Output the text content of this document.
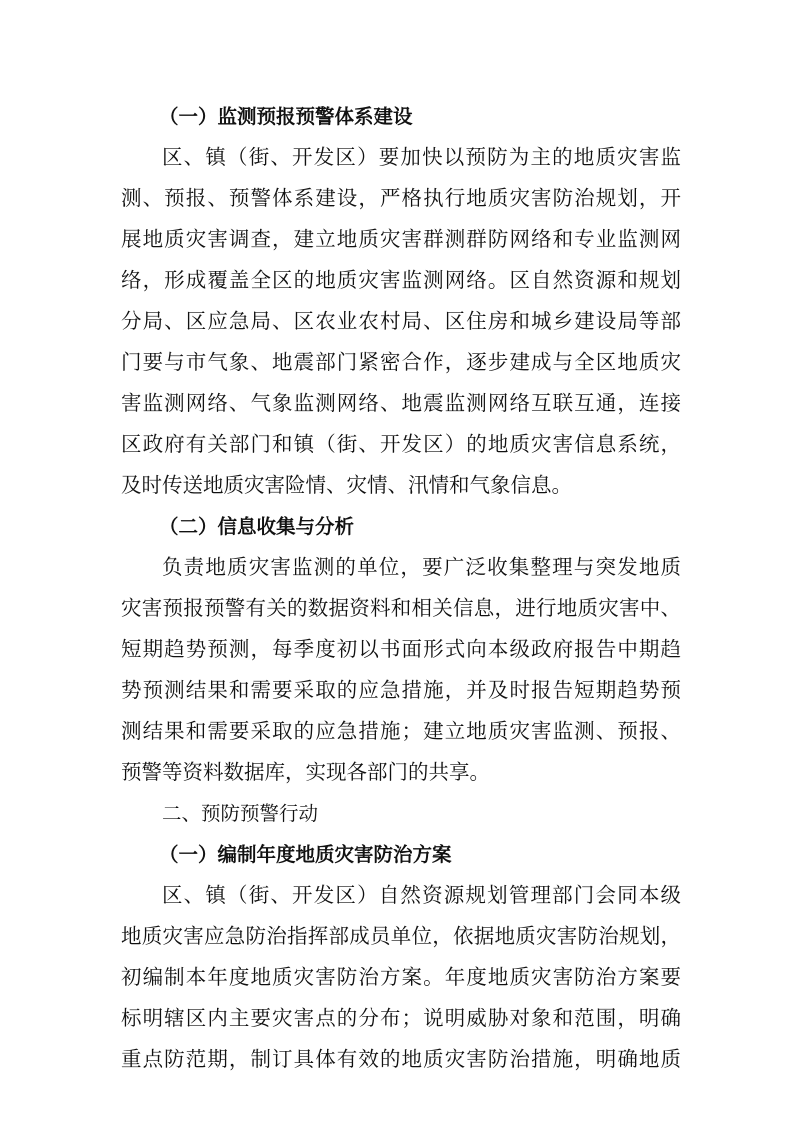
（一）监测预报预警体系建设
区、镇（街、开发区）要加快以预防为主的地质灾害监
测、预报、预警体系建设，严格执行地质灾害防治规划，开
展地质灾害调查，建立地质灾害群测群防网络和专业监测网
络，形成覆盖全区的地质灾害监测网络。区自然资源和规划
分局、区应急局、区农业农村局、区住房和城乡建设局等部
门要与市气象、地震部门紧密合作，逐步建成与全区地质灾
害监测网络、气象监测网络、地震监测网络互联互通，连接
区政府有关部门和镇（街、开发区）的地质灾害信息系统，
及时传送地质灾害险情、灾情、汛情和气象信息。
（二）信息收集与分析
负责地质灾害监测的单位，要广泛收集整理与突发地质
灾害预报预警有关的数据资料和相关信息，进行地质灾害中、
短期趋势预测，每季度初以书面形式向本级政府报告中期趋
势预测结果和需要采取的应急措施，并及时报告短期趋势预
测结果和需要采取的应急措施；建立地质灾害监测、预报、
预警等资料数据库，实现各部门的共享。
二、预防预警行动
（一）编制年度地质灾害防治方案
区、镇（街、开发区）自然资源规划管理部门会同本级
地质灾害应急防治指挥部成员单位，依据地质灾害防治规划，
初编制本年度地质灾害防治方案。年度地质灾害防治方案要
标明辖区内主要灾害点的分布；说明威胁对象和范围，明确
重点防范期，制订具体有效的地质灾害防治措施，明确地质
